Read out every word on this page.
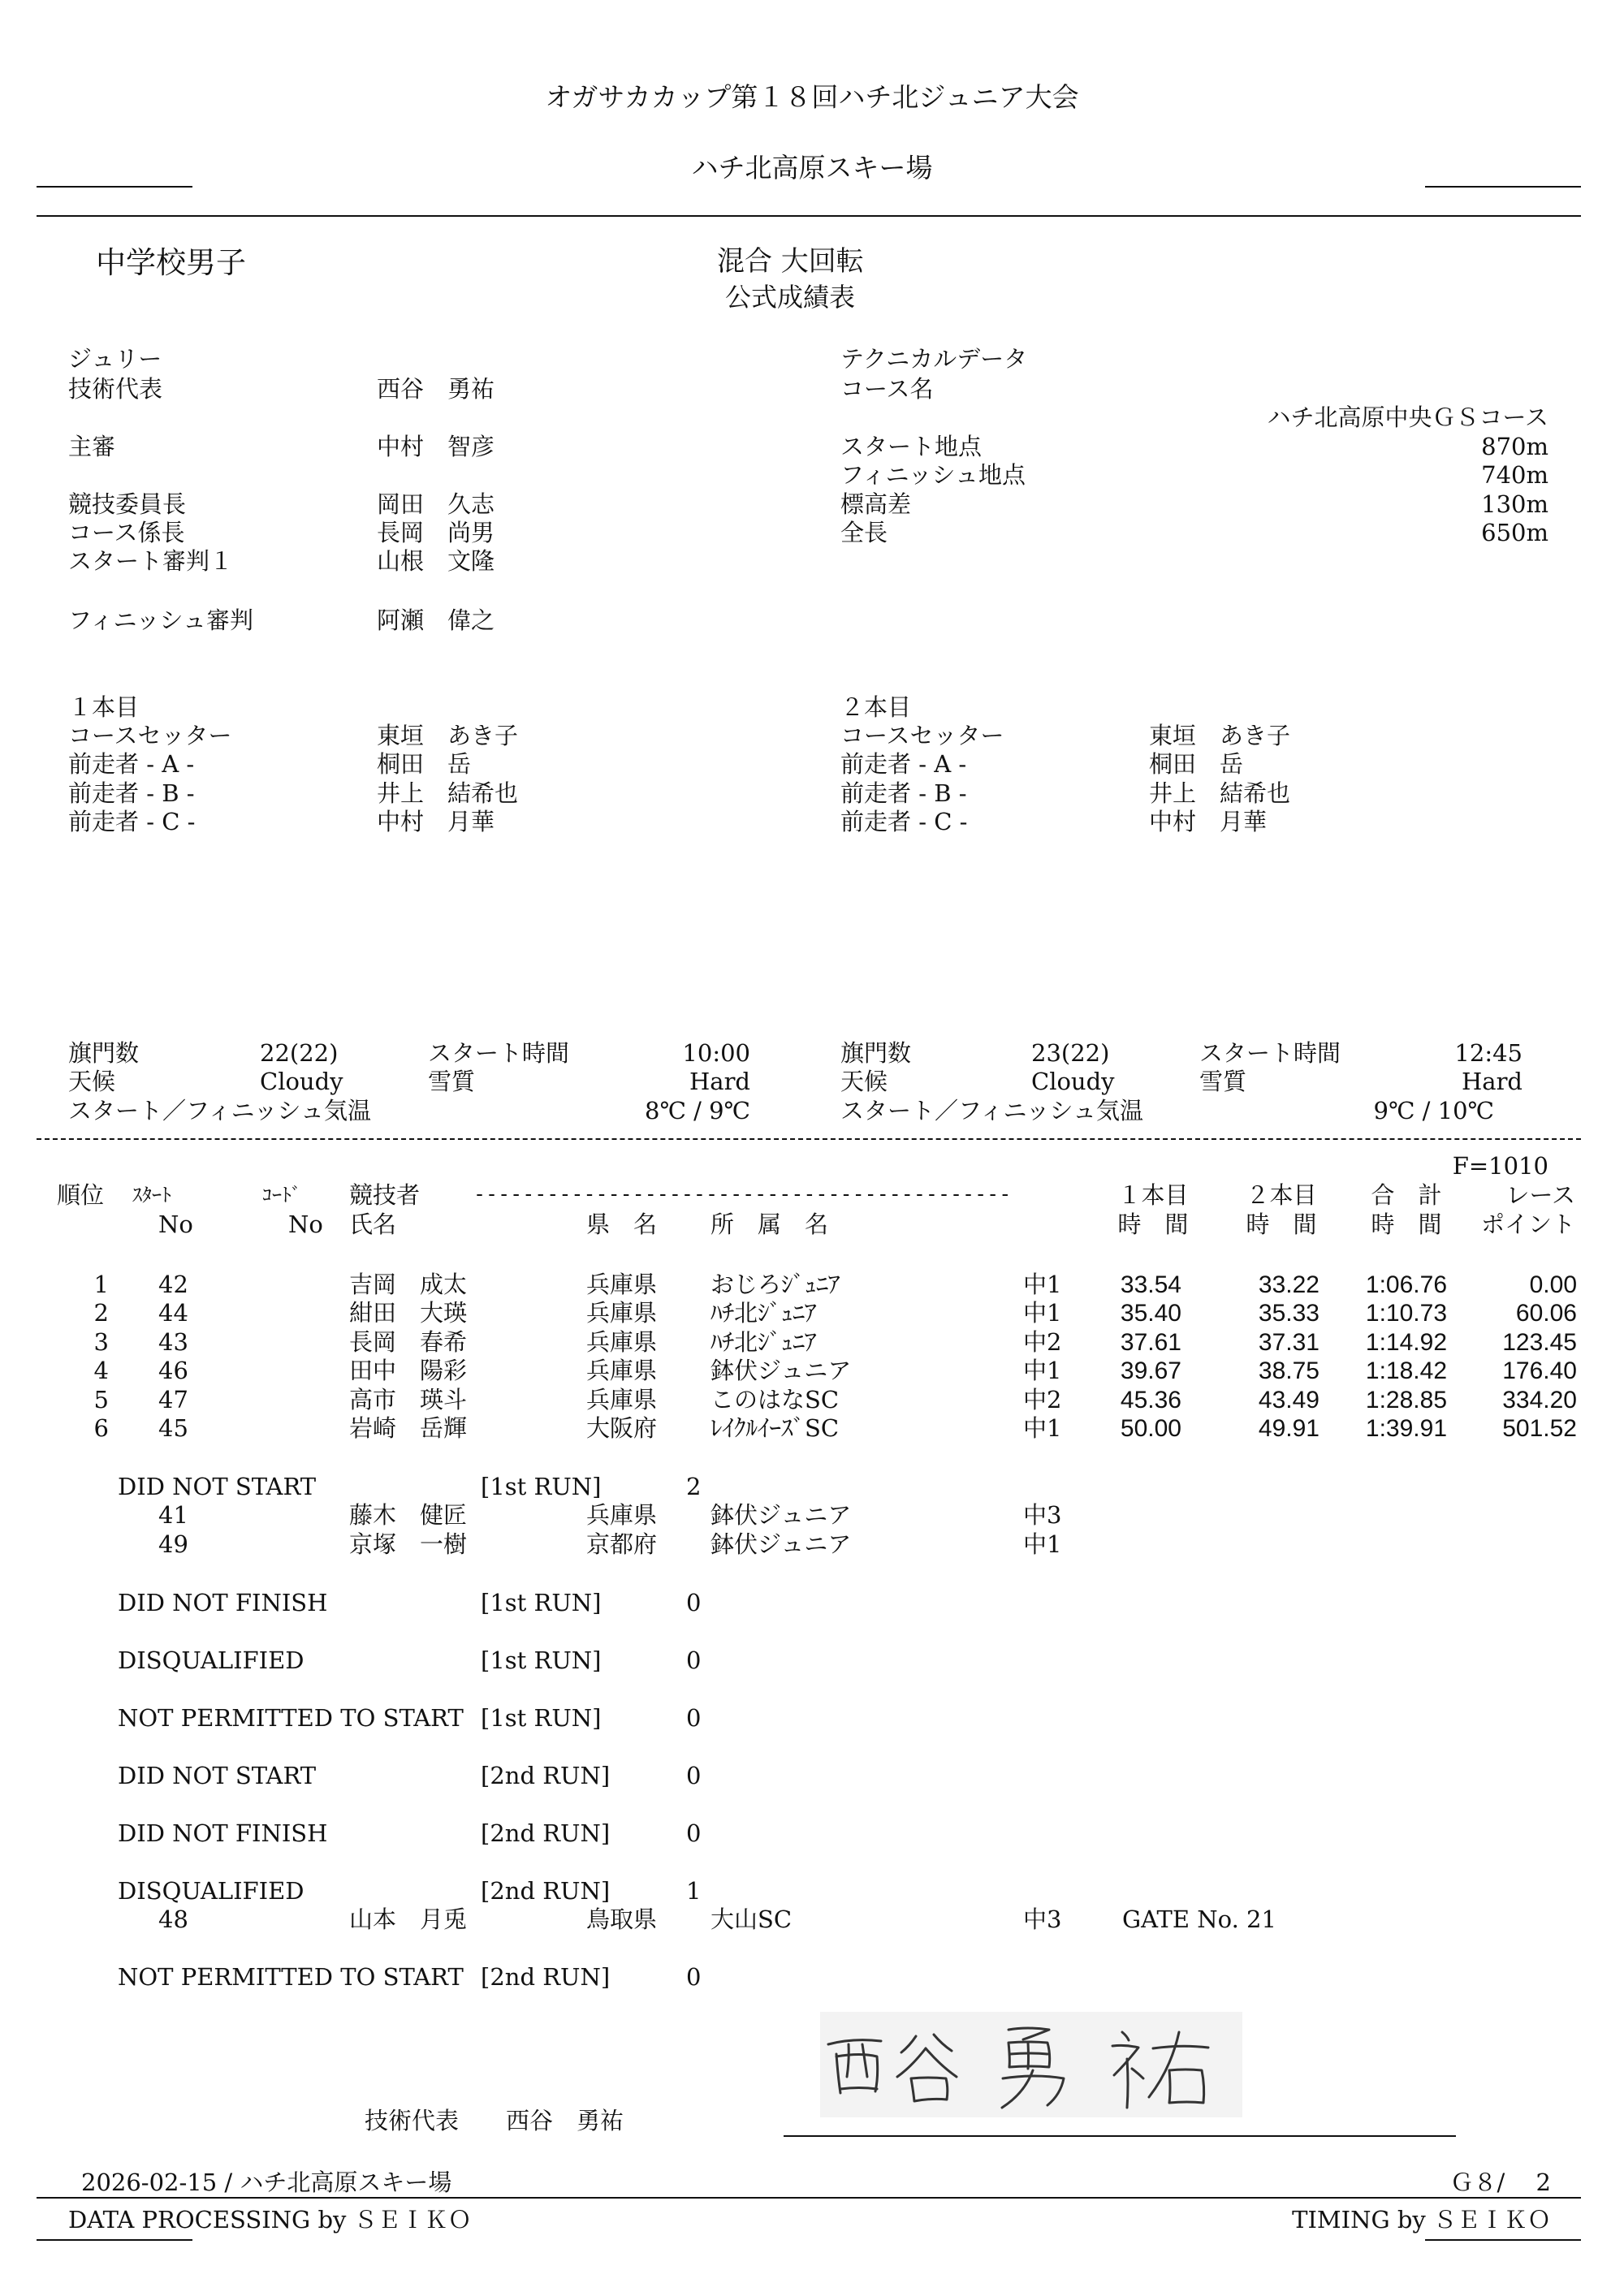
オガサカカップ第１８回ハチ北ジュニア大会
ハチ北高原スキー場
中学校男子	混合 大回転
公式成績表
ジュリー
技術代表	西谷　勇祐
主審	中村　智彦
競技委員長	岡田　久志
コース係長	長岡　尚男
スタート審判１	山根　文隆
フィニッシュ審判	阿瀬　偉之
テクニカルデータ
コース名
ハチ北高原中央ＧＳコース
スタート地点	870m
フィニッシュ地点	740m
標高差	130m
全長	650m
１本目
コースセッター	東垣　あき子
前走者 - A -	桐田　岳
前走者 - B -	井上　結希也
前走者 - C -	中村　月華
２本目
コースセッター	東垣　あき子
前走者 - A -	桐田　岳
前走者 - B -	井上　結希也
前走者 - C -	中村　月華
旗門数	22(22)	スタート時間	10:00
天候	Cloudy	雪質	Hard
スタート／フィニッシュ気温	8℃ / 9℃
旗門数	23(22)	スタート時間	12:45
天候	Cloudy	雪質	Hard
スタート／フィニッシュ気温	9℃ / 10℃
F=1010
順位 ｽﾀｰﾄ	ｺｰﾄﾞ 競技者	--------------------------------------------	１本目 ２本目 合　計	レース
No	No 氏名	県　名 所　属　名	時　間 時　間 時　間 ポイント
1 42	吉岡　成太	兵庫県 おじろｼﾞｭﾆｱ	中1 33.54	33.22 1:06.76	0.00
2 44	紺田　大瑛	兵庫県 ﾊﾁ北ｼﾞｭﾆｱ	中1 35.40	35.33 1:10.73	60.06
3 43	長岡　春希	兵庫県 ﾊﾁ北ｼﾞｭﾆｱ	中2 37.61	37.31 1:14.92 123.45
4 46	田中　陽彩	兵庫県 鉢伏ジュニア	中1 39.67	38.75 1:18.42 176.40
5 47	高市　瑛斗	兵庫県 このはなSC	中2 45.36	43.49 1:28.85 334.20
6 45	岩崎　岳輝	大阪府 ﾚｲｸﾙｲｰｽﾞSC	中1 50.00	49.91 1:39.91 501.52
DID NOT START	[1st RUN]	2
41	藤木　健匠	兵庫県 鉢伏ジュニア	中3
49	京塚　一樹	京都府 鉢伏ジュニア	中1
DID NOT FINISH	[1st RUN]	0
DISQUALIFIED	[1st RUN]	0
NOT PERMITTED TO START [1st RUN]	0
DID NOT START	[2nd RUN]	0
DID NOT FINISH	[2nd RUN]	0
DISQUALIFIED	[2nd RUN]	1
48	山本　月兎	鳥取県 大山SC	中3	GATE No. 21
NOT PERMITTED TO START [2nd RUN]	0
技術代表 西谷　勇祐
2026-02-15 / ハチ北高原スキー場	Ｇ８/　 2
DATA PROCESSING by ＳＥＩＫＯ	TIMING by ＳＥＩＫＯ
